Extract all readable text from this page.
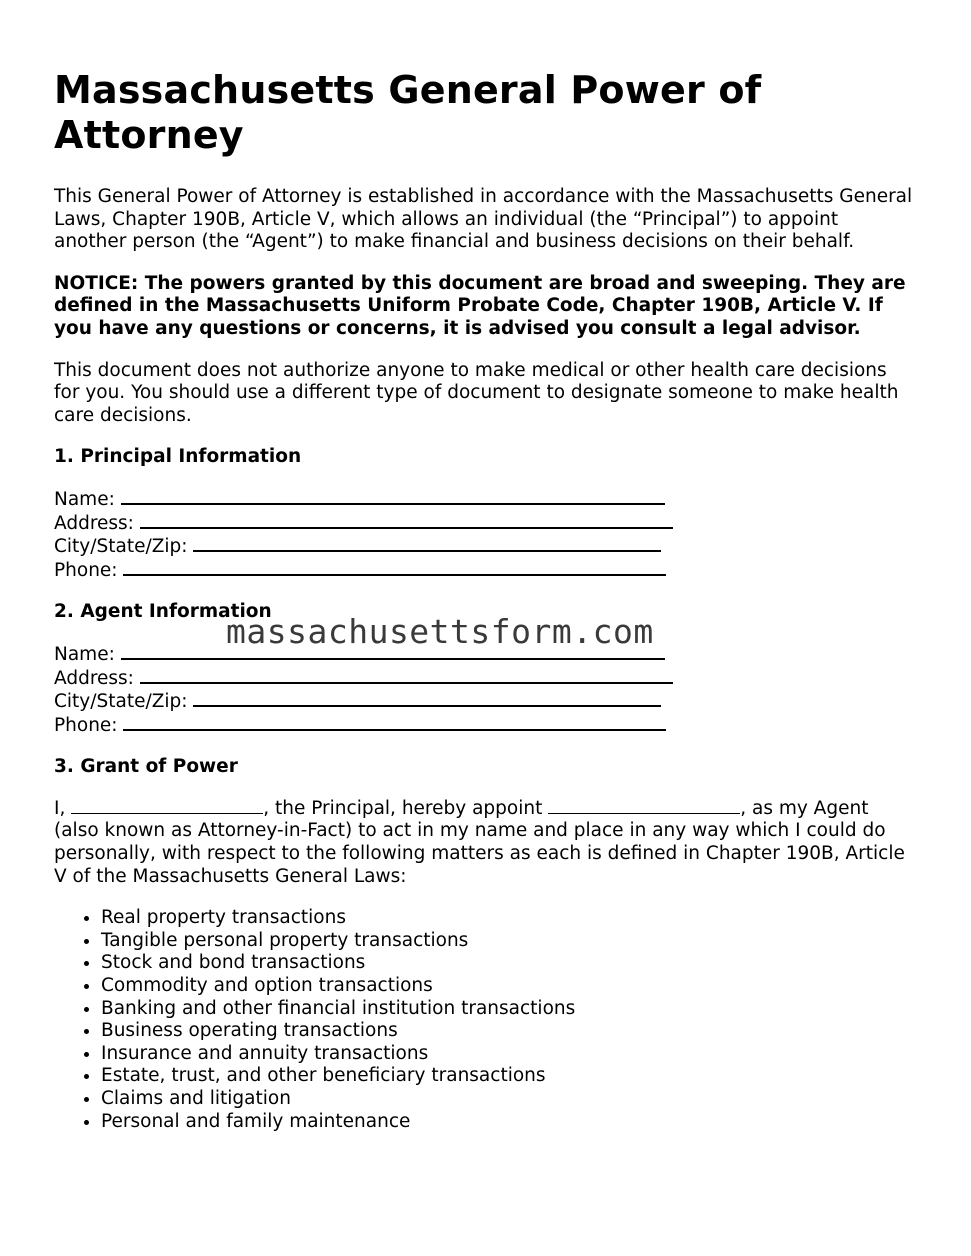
Massachusetts General Power of Attorney

This General Power of Attorney is established in accordance with the Massachusetts General Laws, Chapter 190B, Article V, which allows an individual (the “Principal”) to appoint another person (the “Agent”) to make financial and business decisions on their behalf.

NOTICE: The powers granted by this document are broad and sweeping. They are defined in the Massachusetts Uniform Probate Code, Chapter 190B, Article V. If you have any questions or concerns, it is advised you consult a legal advisor.

This document does not authorize anyone to make medical or other health care decisions for you. You should use a different type of document to designate someone to make health care decisions.

1. Principal Information
Name:
Address:
City/State/Zip:
Phone:
2. Agent Information
Name:
Address:
City/State/Zip:
Phone:
3. Grant of Power

I,	, the Principal, hereby appoint	, as my Agent (also known as Attorney-in-Fact) to act in my name and place in any way which I could do personally, with respect to the following matters as each is defined in Chapter 190B, Article V of the Massachusetts General Laws:

• Real property transactions
• Tangible personal property transactions
• Stock and bond transactions
• Commodity and option transactions
• Banking and other financial institution transactions
• Business operating transactions
• Insurance and annuity transactions
• Estate, trust, and other beneficiary transactions
• Claims and litigation
• Personal and family maintenance
massachusettsform.com
